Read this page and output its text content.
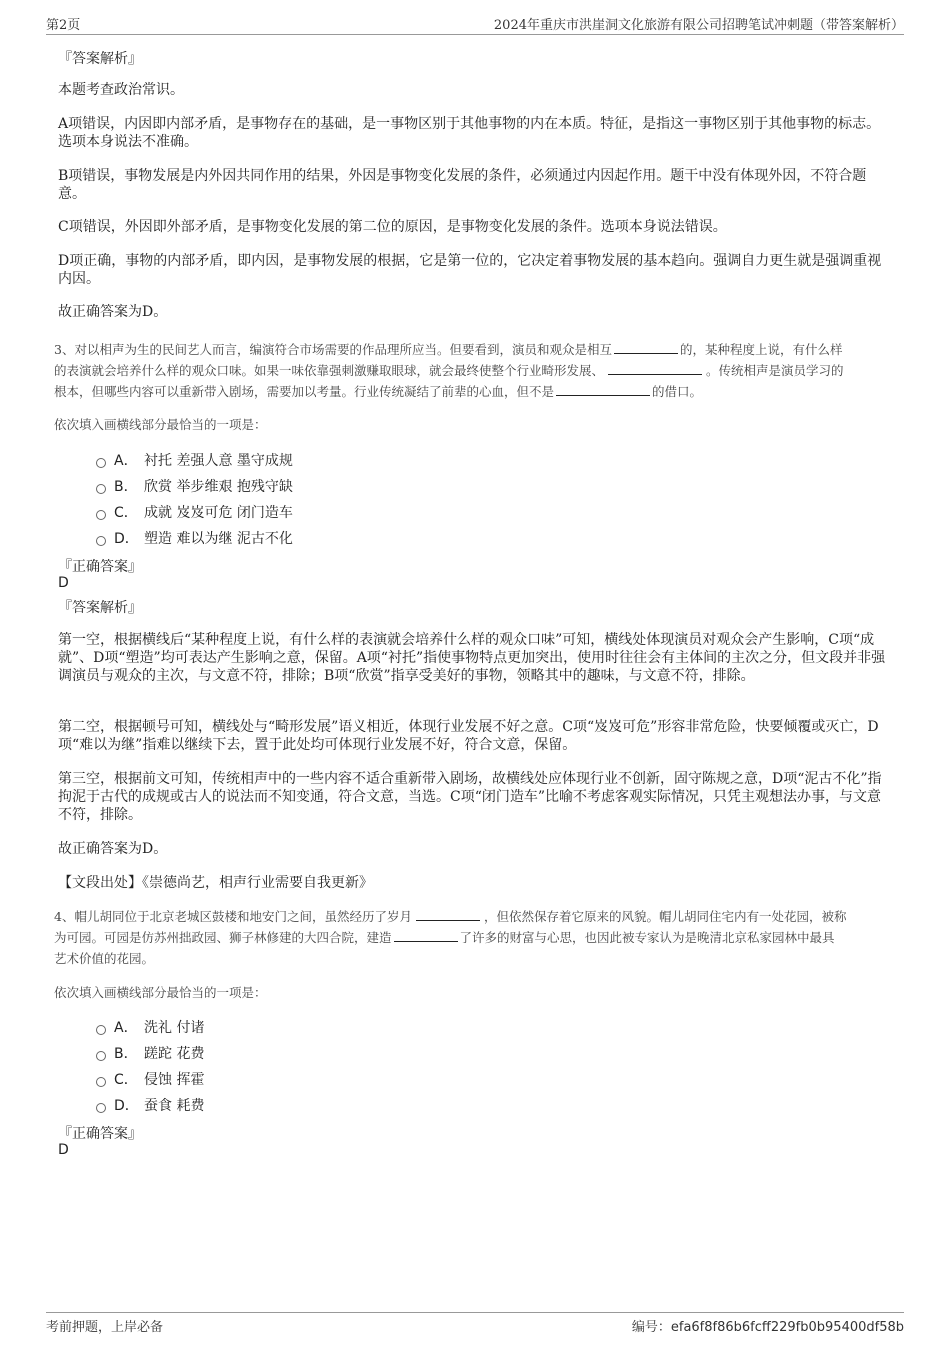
第2页	2024年重庆市洪崖洞文化旅游有限公司招聘笔试冲刺题（带答案解析）
『答案解析』
本题考查政治常识。
A项错误，内因即内部矛盾，是事物存在的基础，是一事物区别于其他事物的内在本质。特征，是指这一事物区别于其他事物的标志。选项本身说法不准确。
B项错误，事物发展是内外因共同作用的结果，外因是事物变化发展的条件，必须通过内因起作用。题干中没有体现外因，不符合题意。
C项错误，外因即外部矛盾，是事物变化发展的第二位的原因，是事物变化发展的条件。选项本身说法错误。
D项正确，事物的内部矛盾，即内因，是事物发展的根据，它是第一位的，它决定着事物发展的基本趋向。强调自力更生就是强调重视内因。
故正确答案为D。
3、对以相声为生的民间艺人而言，编演符合市场需要的作品理所应当。但要看到，演员和观众是相互	的，某种程度上说，有什么样
的表演就会培养什么样的观众口味。如果一味依靠强刺激赚取眼球，就会最终使整个行业畸形发展、	。传统相声是演员学习的
根本，但哪些内容可以重新带入剧场，需要加以考量。行业传统凝结了前辈的心血，但不是	的借口。
依次填入画横线部分最恰当的一项是：
A． 衬托 差强人意 墨守成规
B． 欣赏 举步维艰 抱残守缺
C． 成就 岌岌可危 闭门造车
D． 塑造 难以为继 泥古不化
『正确答案』
D
『答案解析』
第一空，根据横线后“某种程度上说，有什么样的表演就会培养什么样的观众口味”可知，横线处体现演员对观众会产生影响，C项“成就”、D项“塑造”均可表达产生影响之意，保留。A项“衬托”指使事物特点更加突出，使用时往往会有主体间的主次之分，但文段并非强调演员与观众的主次，与文意不符，排除；B项“欣赏”指享受美好的事物，领略其中的趣味，与文意不符，排除。
第二空，根据顿号可知，横线处与“畸形发展”语义相近，体现行业发展不好之意。C项“岌岌可危”形容非常危险，快要倾覆或灭亡，D项“难以为继”指难以继续下去，置于此处均可体现行业发展不好，符合文意，保留。
第三空，根据前文可知，传统相声中的一些内容不适合重新带入剧场，故横线处应体现行业不创新，固守陈规之意，D项“泥古不化”指拘泥于古代的成规或古人的说法而不知变通，符合文意，当选。C项“闭门造车”比喻不考虑客观实际情况，只凭主观想法办事，与文意不符，排除。
故正确答案为D。
【文段出处】《崇德尚艺，相声行业需要自我更新》
4、帽儿胡同位于北京老城区鼓楼和地安门之间，虽然经历了岁月	，但依然保存着它原来的风貌。帽儿胡同住宅内有一处花园，被称
为可园。可园是仿苏州拙政园、狮子林修建的大四合院，建造	了许多的财富与心思，也因此被专家认为是晚清北京私家园林中最具
艺术价值的花园。
依次填入画横线部分最恰当的一项是：
A． 洗礼 付诸
B． 蹉跎 花费
C． 侵蚀 挥霍
D． 蚕食 耗费
『正确答案』
D
考前押题，上岸必备	编号：efa6f8f86b6fcff229fb0b95400df58b
